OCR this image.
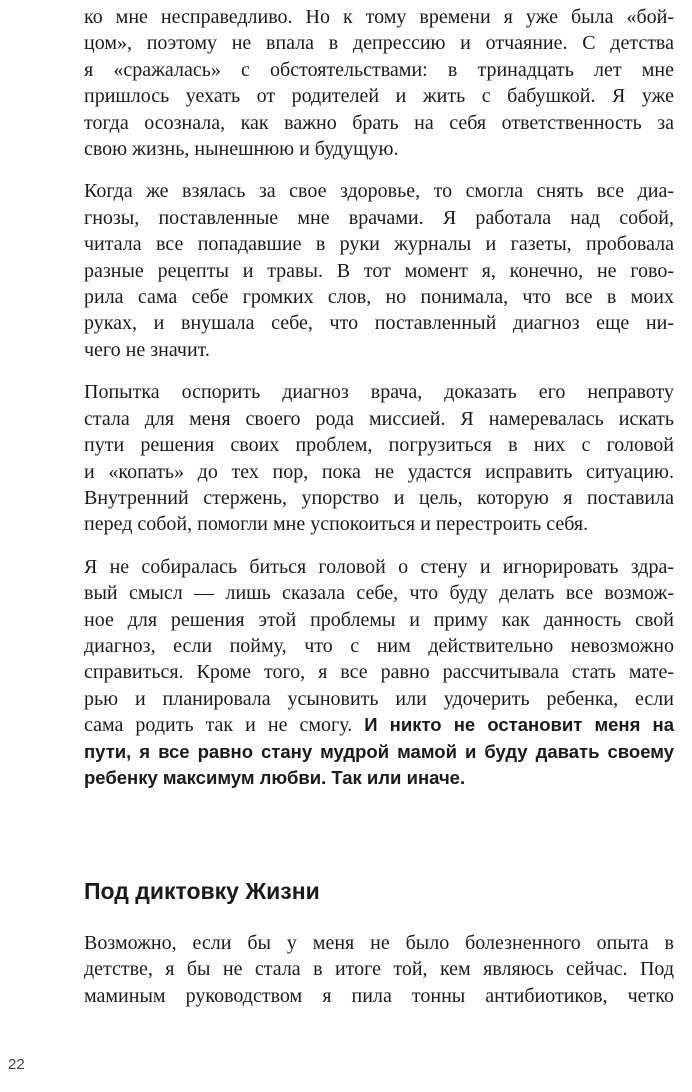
ко мне несправедливо. Но к тому времени я уже была «бой-
цом», поэтому не впала в депрессию и отчаяние. С детства
я «сражалась» с обстоятельствами: в тринадцать лет мне
пришлось уехать от родителей и жить с бабушкой. Я уже
тогда осознала, как важно брать на себя ответственность за
свою жизнь, нынешнюю и будущую.

Когда же взялась за свое здоровье, то смогла снять все диа-
гнозы, поставленные мне врачами. Я работала над собой,
читала все попадавшие в руки журналы и газеты, пробовала
разные рецепты и травы. В тот момент я, конечно, не гово-
рила сама себе громких слов, но понимала, что все в моих
руках, и внушала себе, что поставленный диагноз еще ни-
чего не значит.

Попытка оспорить диагноз врача, доказать его неправоту
стала для меня своего рода миссией. Я намеревалась искать
пути решения своих проблем, погрузиться в них с головой
и «копать» до тех пор, пока не удастся исправить ситуацию.
Внутренний стержень, упорство и цель, которую я поставила
перед собой, помогли мне успокоиться и перестроить себя.

Я не собиралась биться головой о стену и игнорировать здра-
вый смысл — лишь сказала себе, что буду делать все возмож-
ное для решения этой проблемы и приму как данность свой
диагноз, если пойму, что с ним действительно невозможно
справиться. Кроме того, я все равно рассчитывала стать мате-
рью и планировала усыновить или удочерить ребенка, если
сама родить так и не смогу. И никто не остановит меня на
пути, я все равно стану мудрой мамой и буду давать своему
ребенку максимум любви. Так или иначе.

Под диктовку Жизни

Возможно, если бы у меня не было болезненного опыта в
детстве, я бы не стала в итоге той, кем являюсь сейчас. Под
маминым руководством я пила тонны антибиотиков, четко

22
